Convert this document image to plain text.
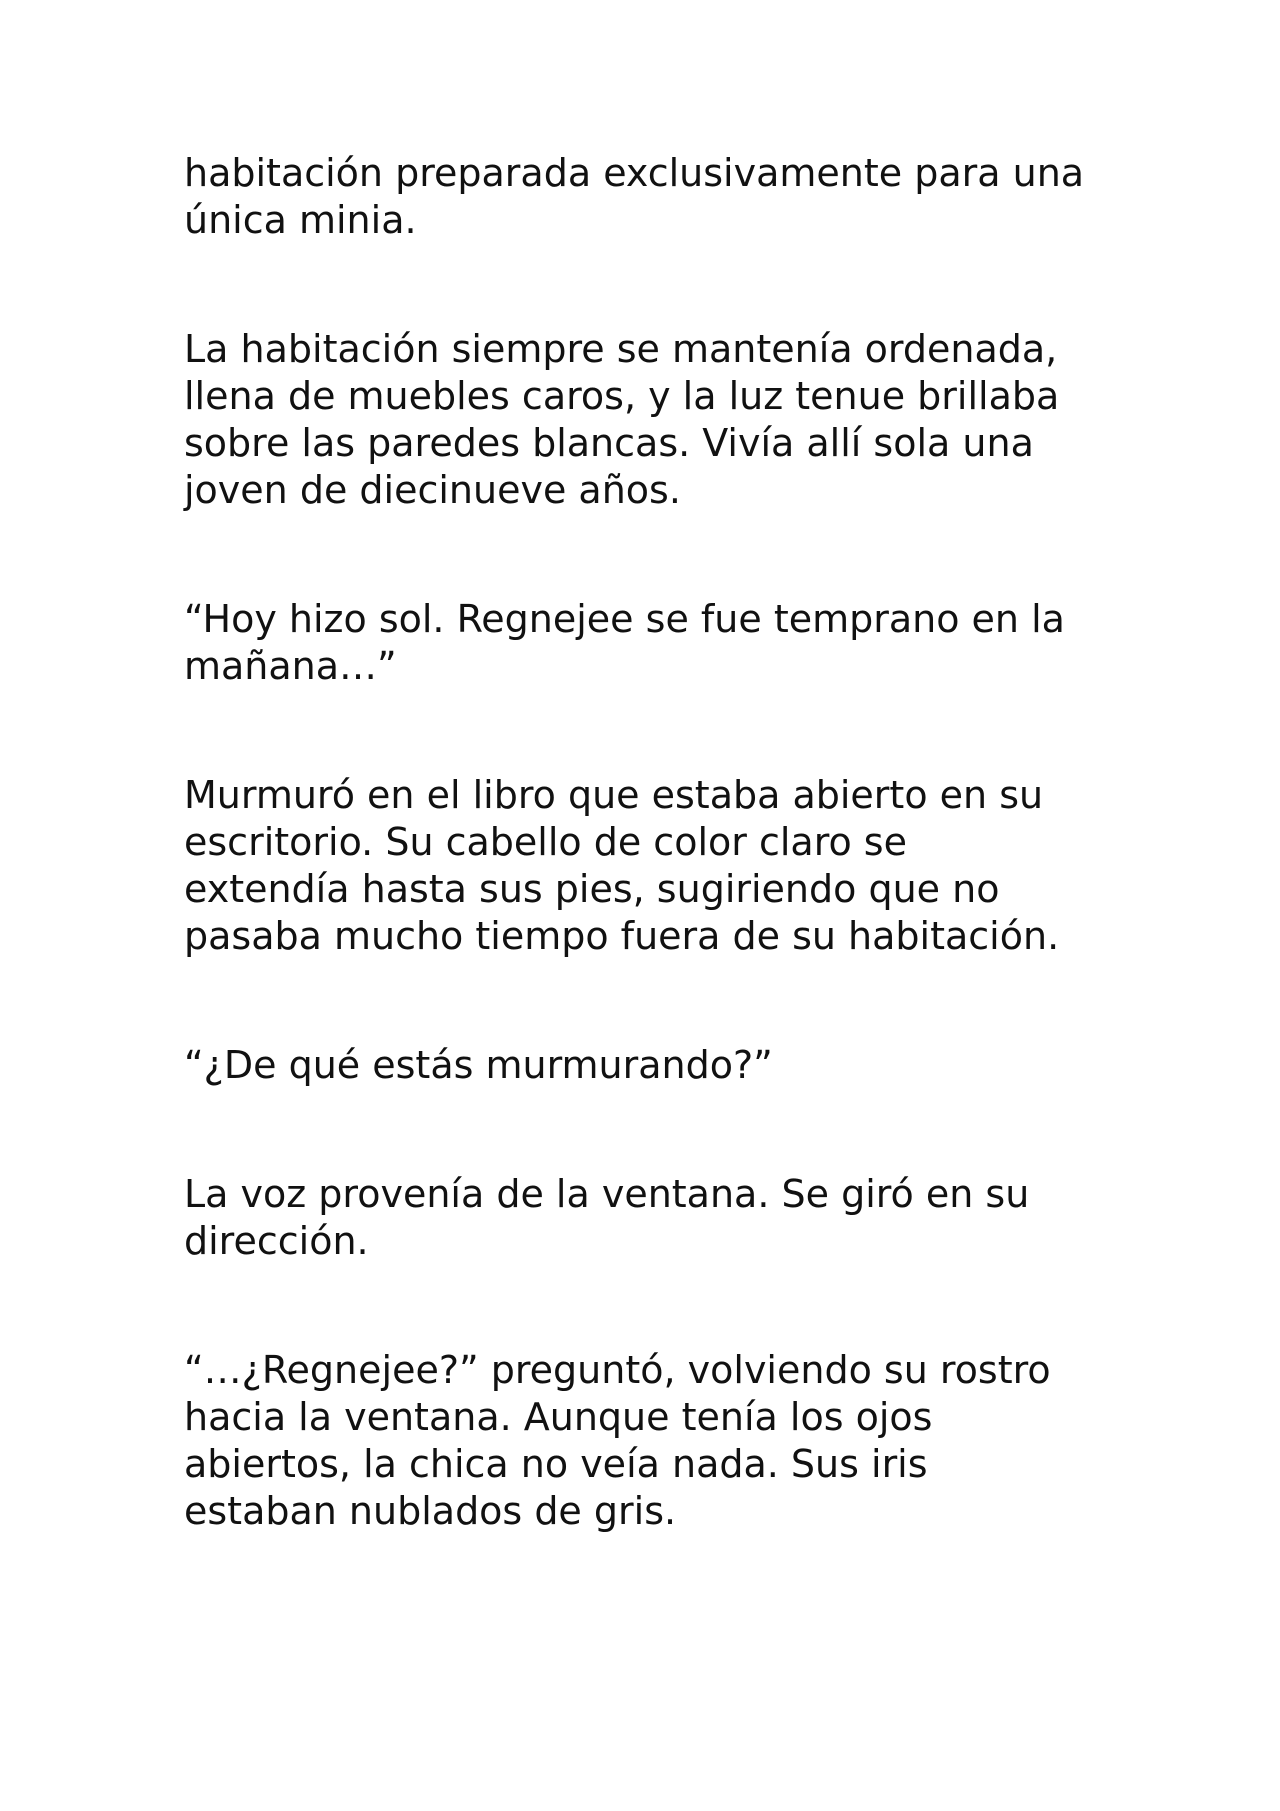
habitación preparada exclusivamente para una
única minia.

La habitación siempre se mantenía ordenada,
llena de muebles caros, y la luz tenue brillaba
sobre las paredes blancas. Vivía allí sola una
joven de diecinueve años.

“Hoy hizo sol. Regnejee se fue temprano en la
mañana…”

Murmuró en el libro que estaba abierto en su
escritorio. Su cabello de color claro se
extendía hasta sus pies, sugiriendo que no
pasaba mucho tiempo fuera de su habitación.

“¿De qué estás murmurando?”

La voz provenía de la ventana. Se giró en su
dirección.

“…¿Regnejee?” preguntó, volviendo su rostro
hacia la ventana. Aunque tenía los ojos
abiertos, la chica no veía nada. Sus iris
estaban nublados de gris.
